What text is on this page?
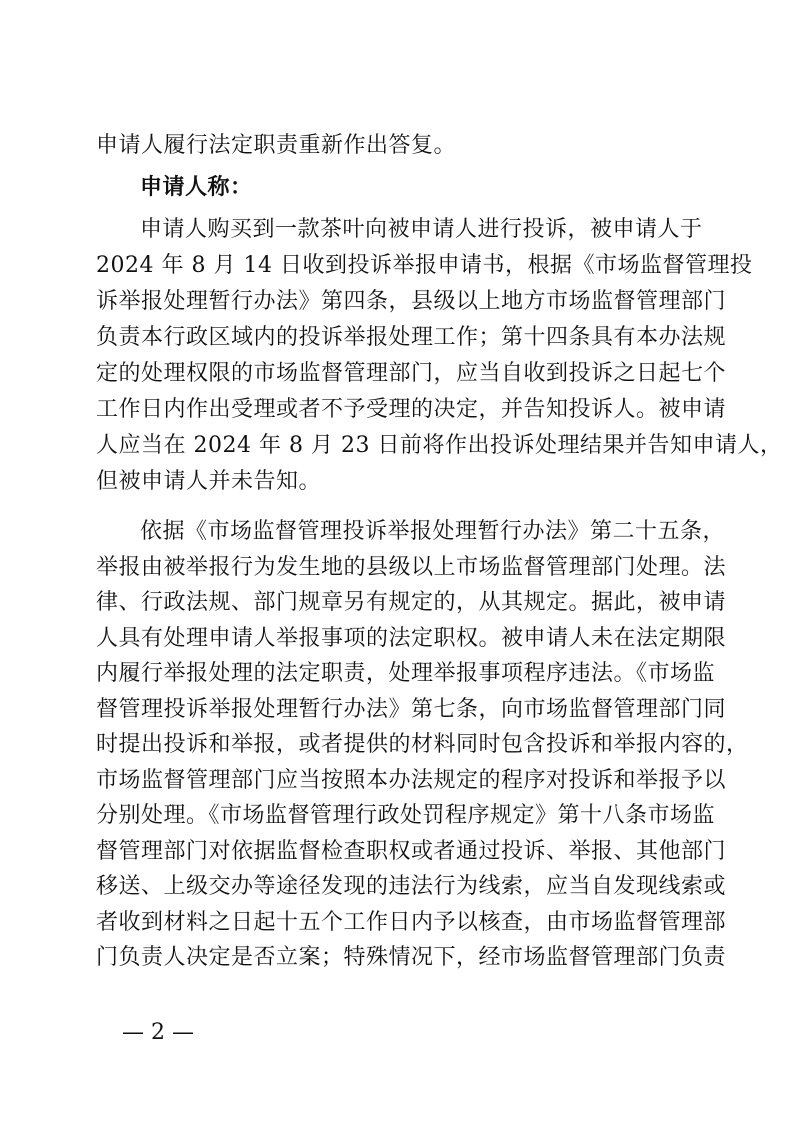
申请人履行法定职责重新作出答复。
申请人称：
申请人购买到一款茶叶向被申请人进行投诉，被申请人于
2024 年 8 月 14 日收到投诉举报申请书，根据《市场监督管理投
诉举报处理暂行办法》第四条，县级以上地方市场监督管理部门
负责本行政区域内的投诉举报处理工作；第十四条具有本办法规
定的处理权限的市场监督管理部门，应当自收到投诉之日起七个
工作日内作出受理或者不予受理的决定，并告知投诉人。被申请
人应当在 2024 年 8 月 23 日前将作出投诉处理结果并告知申请人，
但被申请人并未告知。
依据《市场监督管理投诉举报处理暂行办法》第二十五条，
举报由被举报行为发生地的县级以上市场监督管理部门处理。法
律、行政法规、部门规章另有规定的，从其规定。据此，被申请
人具有处理申请人举报事项的法定职权。被申请人未在法定期限
内履行举报处理的法定职责，处理举报事项程序违法。《市场监
督管理投诉举报处理暂行办法》第七条，向市场监督管理部门同
时提出投诉和举报，或者提供的材料同时包含投诉和举报内容的，
市场监督管理部门应当按照本办法规定的程序对投诉和举报予以
分别处理。《市场监督管理行政处罚程序规定》第十八条市场监
督管理部门对依据监督检查职权或者通过投诉、举报、其他部门
移送、上级交办等途径发现的违法行为线索，应当自发现线索或
者收到材料之日起十五个工作日内予以核查，由市场监督管理部
门负责人决定是否立案；特殊情况下，经市场监督管理部门负责
— 2 —
